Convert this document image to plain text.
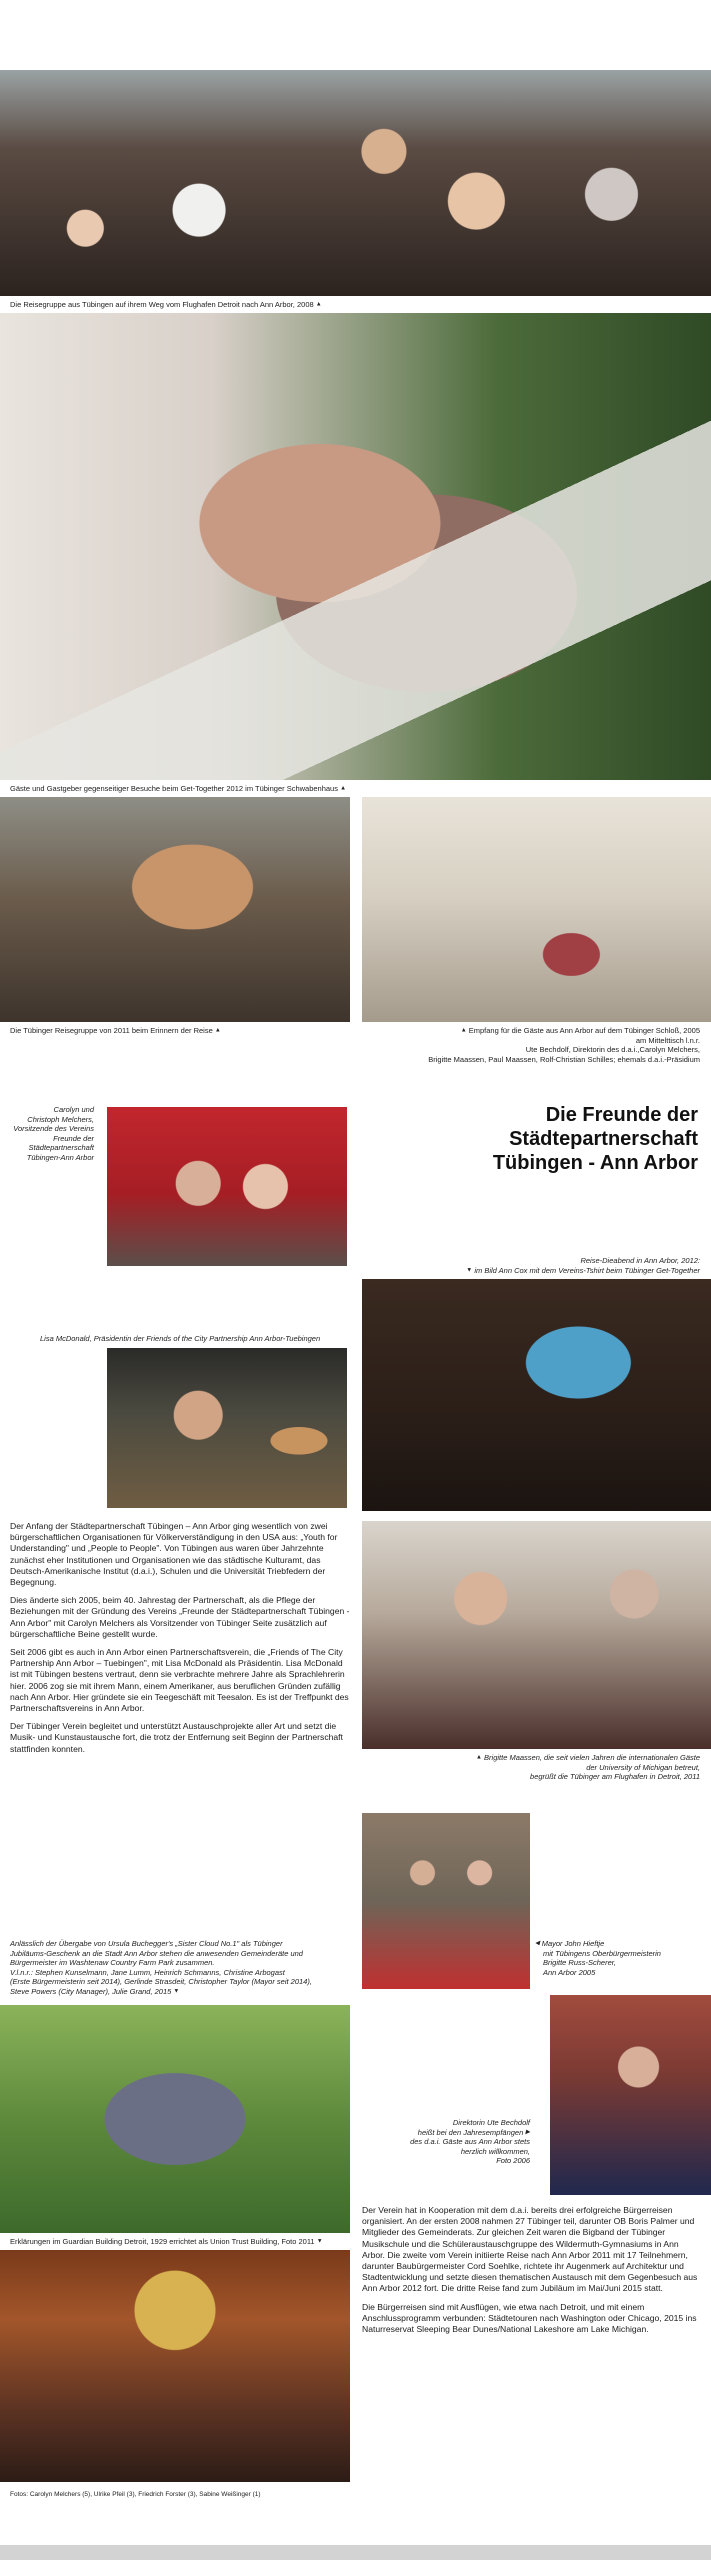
Die Reisegruppe aus Tübingen auf ihrem Weg vom Flughafen Detroit nach Ann Arbor, 2008 ▲
Gäste und Gastgeber gegenseitiger Besuche beim Get-Together 2012 im Tübinger Schwabenhaus ▲
Die Tübinger Reisegruppe von 2011 beim Erinnern der Reise ▲	▲ Empfang für die Gäste aus Ann Arbor auf dem Tübinger Schloß, 2005
am Mittelttisch l.n.r.
Ute Bechdolf, Direktorin des d.a.i.,Carolyn Melchers,
Brigitte Maassen, Paul Maassen, Rolf-Christian Schilles; ehemals d.a.i.-Präsidium
Carolyn und
Christoph Melchers,
Vorsitzende des Vereins
Freunde der
Städtepartnerschaft
Tübingen-Ann Arbor
Die Freunde der
Städtepartnerschaft
Tübingen - Ann Arbor
Reise-Dieabend in Ann Arbor, 2012:
▼ im Bild Ann Cox mit dem Vereins-Tshirt beim Tübinger Get-Together
Lisa McDonald, Präsidentin der Friends of the City Partnership Ann Arbor-Tuebingen

Der Anfang der Städtepartnerschaft Tübingen – Ann Arbor ging wesentlich von zwei bürgerschaftlichen Organisationen für Völkerverständigung in den USA aus: „Youth for Understanding" und „People to People". Von Tübingen aus waren über Jahrzehnte zunächst eher Institutionen und Organisationen wie das städtische Kulturamt, das Deutsch-Amerikanische Institut (d.a.i.), Schulen und die Universität Triebfedern der Begegnung.

Dies änderte sich 2005, beim 40. Jahrestag der Partnerschaft, als die Pflege der Beziehungen mit der Gründung des Vereins „Freunde der Städtepartnerschaft Tübingen - Ann Arbor" mit Carolyn Melchers als Vorsitzender von Tübinger Seite zusätzlich auf bürgerschaftliche Beine gestellt wurde.

Seit 2006 gibt es auch in Ann Arbor einen Partnerschaftsverein, die „Friends of The City Partnership Ann Arbor – Tuebingen", mit Lisa McDonald als Präsidentin. Lisa McDonald ist mit Tübingen bestens vertraut, denn sie verbrachte mehrere Jahre als Sprachlehrerin hier. 2006 zog sie mit ihrem Mann, einem Amerikaner, aus beruflichen Gründen zufällig nach Ann Arbor. Hier gründete sie ein Teegeschäft mit Teesalon. Es ist der Treffpunkt des Partnerschaftsvereins in Ann Arbor.

Der Tübinger Verein begleitet und unterstützt Austauschprojekte aller Art und setzt die Musik- und Kunstaustausche fort, die trotz der Entfernung seit Beginn der Partnerschaft stattfinden konnten.

▲ Brigitte Maassen, die seit vielen Jahren die internationalen Gäste
der University of Michigan betreut,
begrüßt die Tübinger am Flughafen in Detroit, 2011
◀ Mayor John Hieftje
mit Tübingens Oberbürgermeisterin
Brigitte Russ-Scherer,
Ann Arbor 2005
Anlässlich der Übergabe von Ursula Buchegger's „Sister Cloud No.1" als Tübinger
Jubiläums-Geschenk an die Stadt Ann Arbor stehen die anwesenden Gemeinderäte und
Bürgermeister im Washtenaw Country Farm Park zusammen.
V.l.n.r.: Stephen Kunselmann, Jane Lumm, Heinrich Schmanns, Christine Arbogast
(Erste Bürgermeisterin seit 2014), Gerlinde Strasdeit, Christopher Taylor (Mayor seit 2014),
Steve Powers (City Manager), Julie Grand, 2015 ▼
Direktorin Ute Bechdolf
heißt bei den Jahresempfängen ▶
des d.a.i. Gäste aus Ann Arbor stets
herzlich willkommen,
Foto 2006
Erklärungen im Guardian Building Detroit, 1929 errichtet als Union Trust Building, Foto 2011 ▼

Der Verein hat in Kooperation mit dem d.a.i. bereits drei erfolgreiche Bürgerreisen organisiert. An der ersten 2008 nahmen 27 Tübinger teil, darunter OB Boris Palmer und Mitglieder des Gemeinderats. Zur gleichen Zeit waren die Bigband der Tübinger Musikschule und die Schüleraustauschgruppe des Wildermuth-Gymnasiums in Ann Arbor. Die zweite vom Verein initiierte Reise nach Ann Arbor 2011 mit 17 Teilnehmern, darunter Baubürgermeister Cord Soehlke, richtete ihr Augenmerk auf Architektur und Stadtentwicklung und setzte diesen thematischen Austausch mit dem Gegenbesuch aus Ann Arbor 2012 fort. Die dritte Reise fand zum Jubiläum im Mai/Juni 2015 statt.

Die Bürgerreisen sind mit Ausflügen, wie etwa nach Detroit, und mit einem Anschlussprogramm verbunden: Städtetouren nach Washington oder Chicago, 2015 ins Naturreservat Sleeping Bear Dunes/National Lakeshore am Lake Michigan.

Fotos: Carolyn Melchers (5), Ulrike Pfeil (3), Friedrich Forster (3), Sabine Weißinger (1)
